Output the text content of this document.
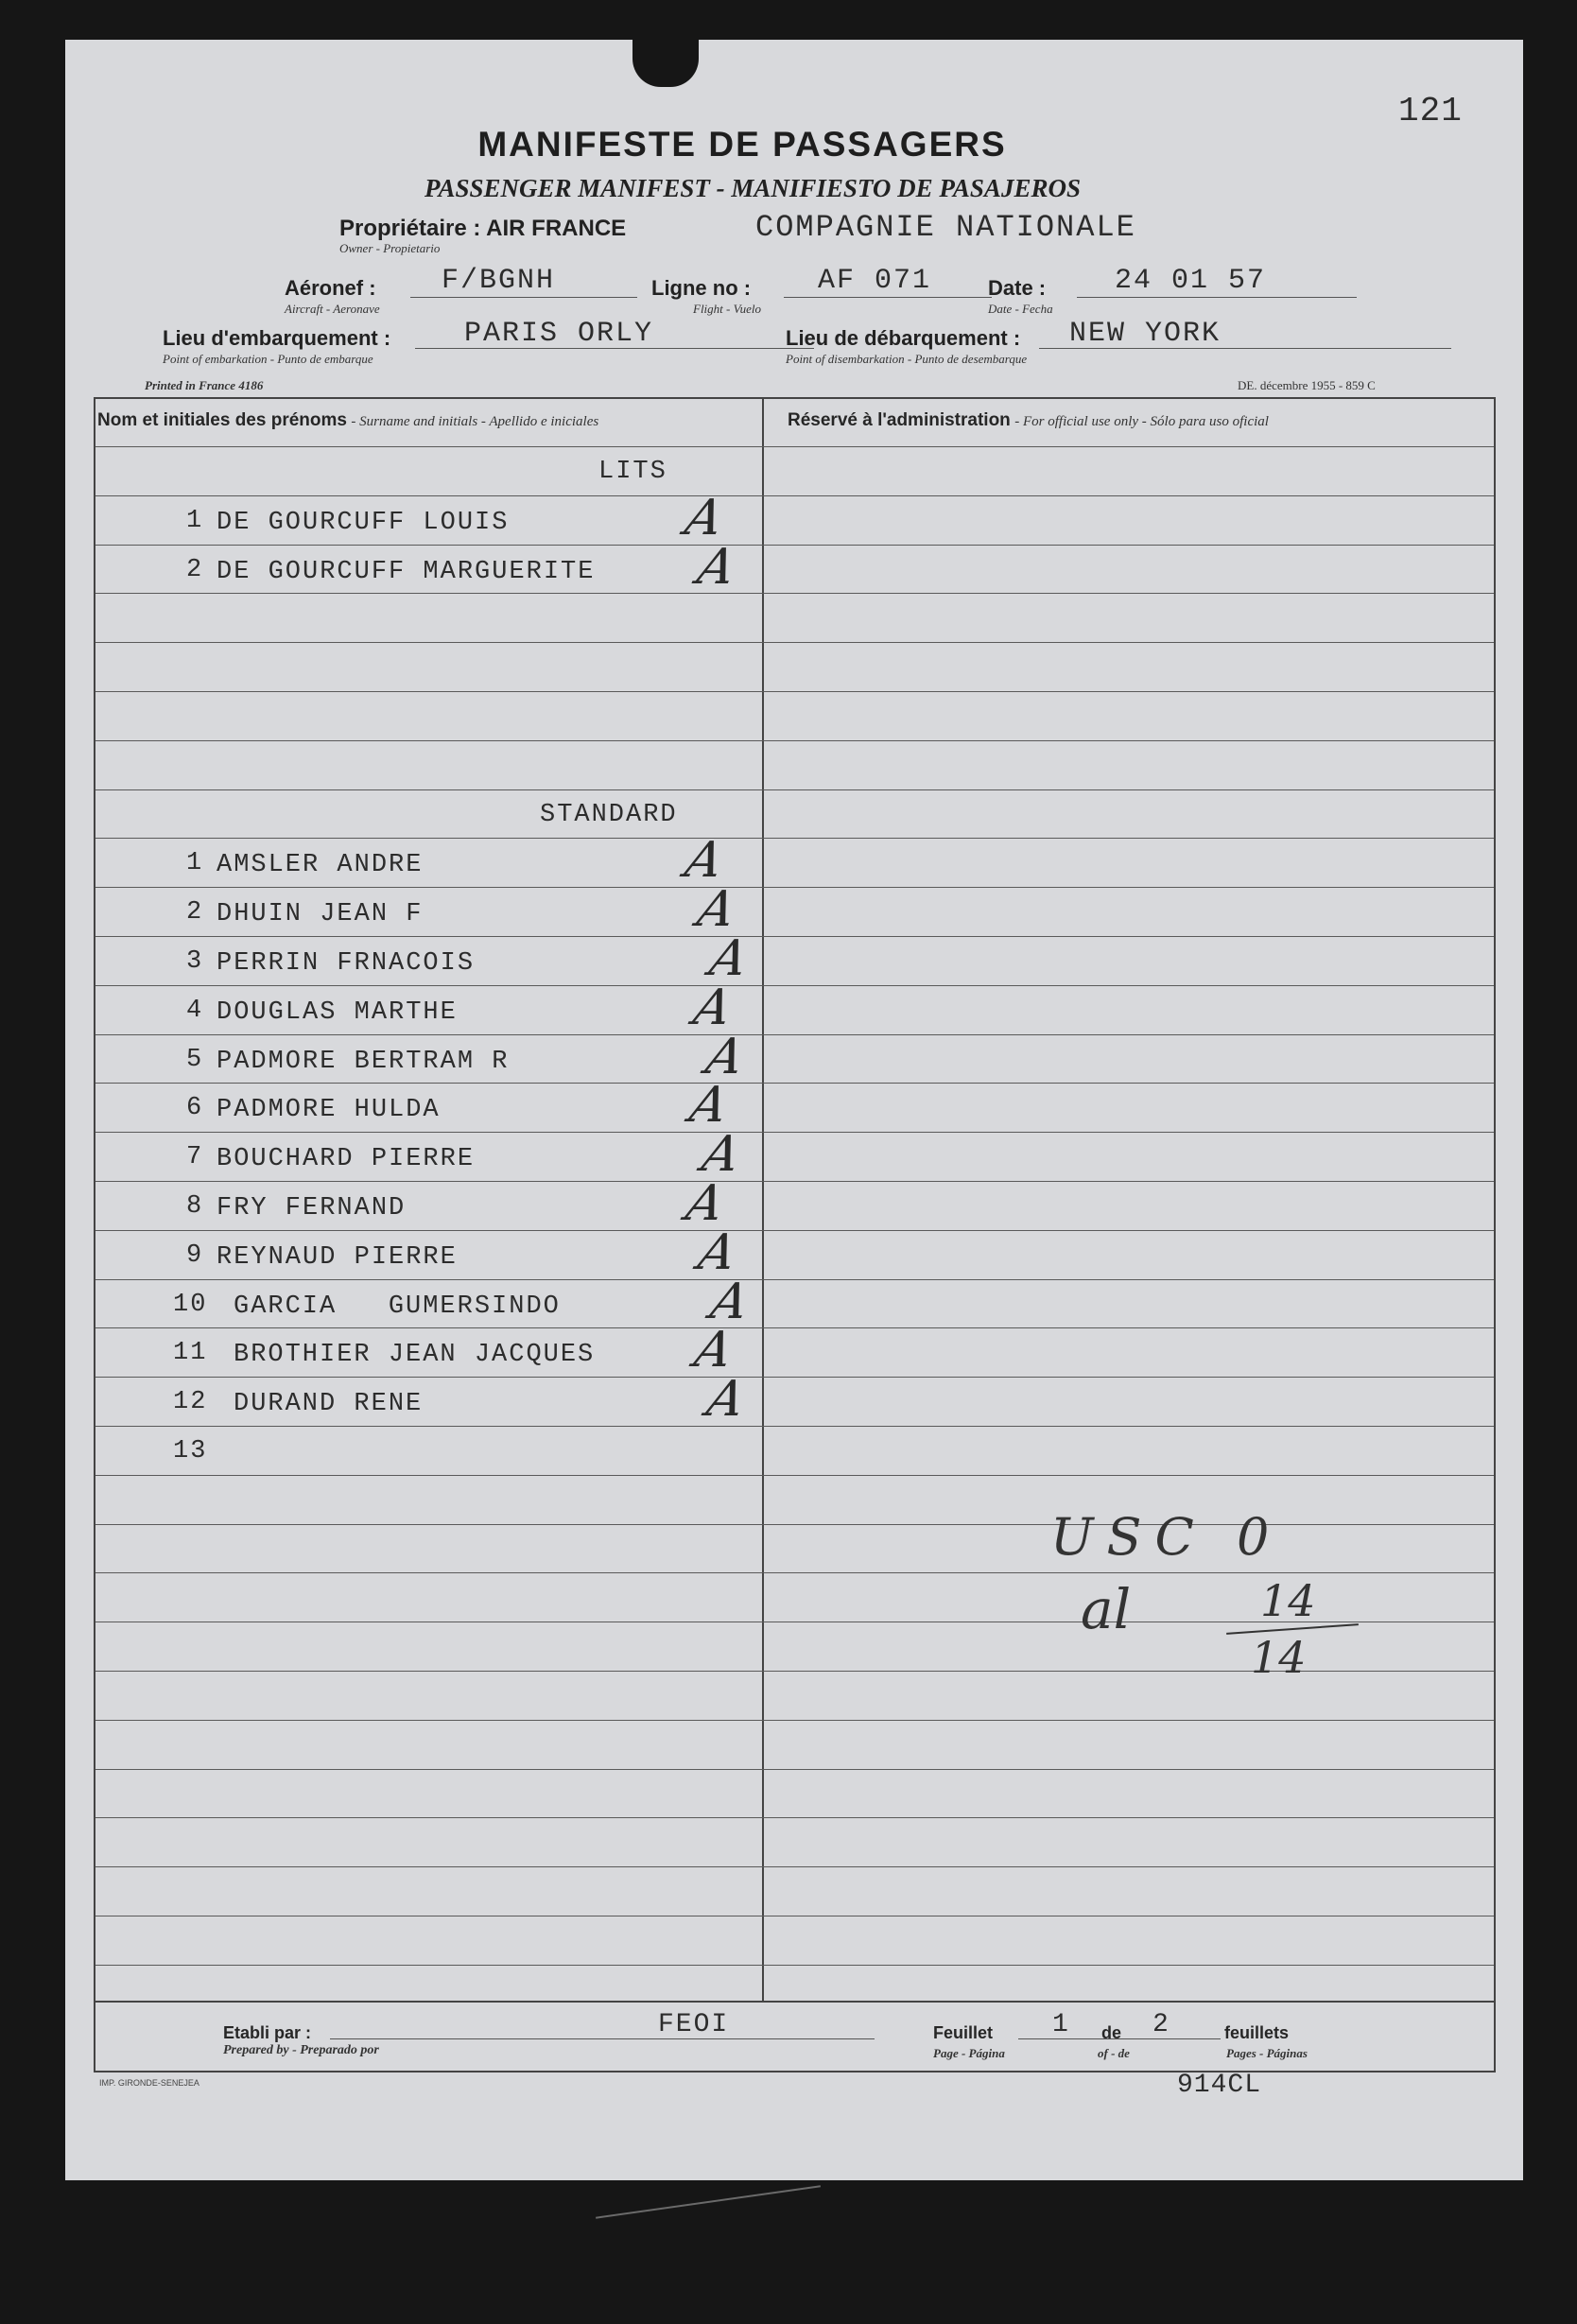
121
MANIFESTE DE PASSAGERS
PASSENGER MANIFEST - MANIFIESTO DE PASAJEROS
Propriétaire : AIR FRANCE
Owner - Propietario
COMPAGNIE NATIONALE
Aéronef :
Aircraft - Aeronave
F/BGNH	Ligne no :
Flight - Vuelo
AF 071	Date :
Date - Fecha
24 01 57
Lieu d'embarquement :
Point of embarkation - Punto de embarque
PARIS ORLY	Lieu de débarquement :
Point of disembarkation - Punto de desembarque
NEW YORK
Printed in France 4186	DE. décembre 1955 - 859 C
Nom et initiales des prénoms - Surname and initials - Apellido e iniciales	Réservé à l'administration - For official use only - Sólo para uso oficial
LITS
1 DE GOURCUFF LOUIS	A
2 DE GOURCUFF MARGUERITE A
STANDARD
1 AMSLER ANDRE	A
2 DHUIN JEAN F	A
3 PERRIN FRNACOIS	A
4 DOUGLAS MARTHE	A
5 PADMORE BERTRAM R	A
6 PADMORE HULDA	A
7 BOUCHARD PIERRE	A
8 FRY FERNAND	A
9 REYNAUD PIERRE	A
10 GARCIA   GUMERSINDO	A
11 BROTHIER JEAN JACQUES A
12 DURAND RENE	A
13
USC 0
al	14
14
Etabli par :
Prepared by - Preparado por
FEOI	Feuillet 1 de 2	feuillets
Page - Página	of - de	Pages - Páginas
IMP. GIRONDE-SENEJEA	914CL
